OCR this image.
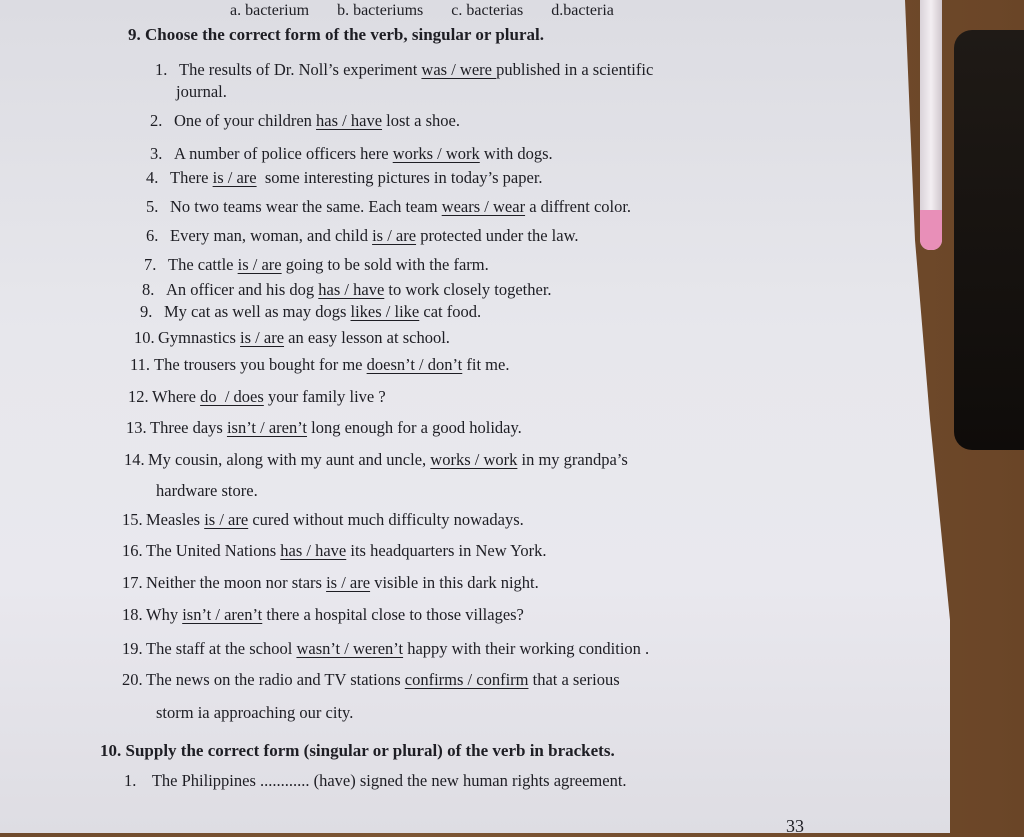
a. bacterium b. bacteriums c. bacterias d.bacteria
9. Choose the correct form of the verb, singular or plural.
1. The results of Dr. Noll’s experiment was / were published in a scientific
journal.
2. One of your children has / have lost a shoe.
3. A number of police officers here works / work with dogs.
4. There is / are  some interesting pictures in today’s paper.
5. No two teams wear the same. Each team wears / wear a diffrent color.
6. Every man, woman, and child is / are protected under the law.
7. The cattle is / are going to be sold with the farm.
8. An officer and his dog has / have to work closely together.
9. My cat as well as may dogs likes / like cat food.
10. Gymnastics is / are an easy lesson at school.
11. The trousers you bought for me doesn’t / don’t fit me.
12. Where do  / does your family live ?
13. Three days isn’t / aren’t long enough for a good holiday.
14. My cousin, along with my aunt and uncle, works / work in my grandpa’s
hardware store.
15. Measles is / are cured without much difficulty nowadays.
16. The United Nations has / have its headquarters in New York.
17. Neither the moon nor stars is / are visible in this dark night.
18. Why isn’t / aren’t there a hospital close to those villages?
19. The staff at the school wasn’t / weren’t happy with their working condition .
20. The news on the radio and TV stations confirms / confirm that a serious
storm ia approaching our city.
10. Supply the correct form (singular or plural) of the verb in brackets.
1. The Philippines ............ (have) signed the new human rights agreement.
33
